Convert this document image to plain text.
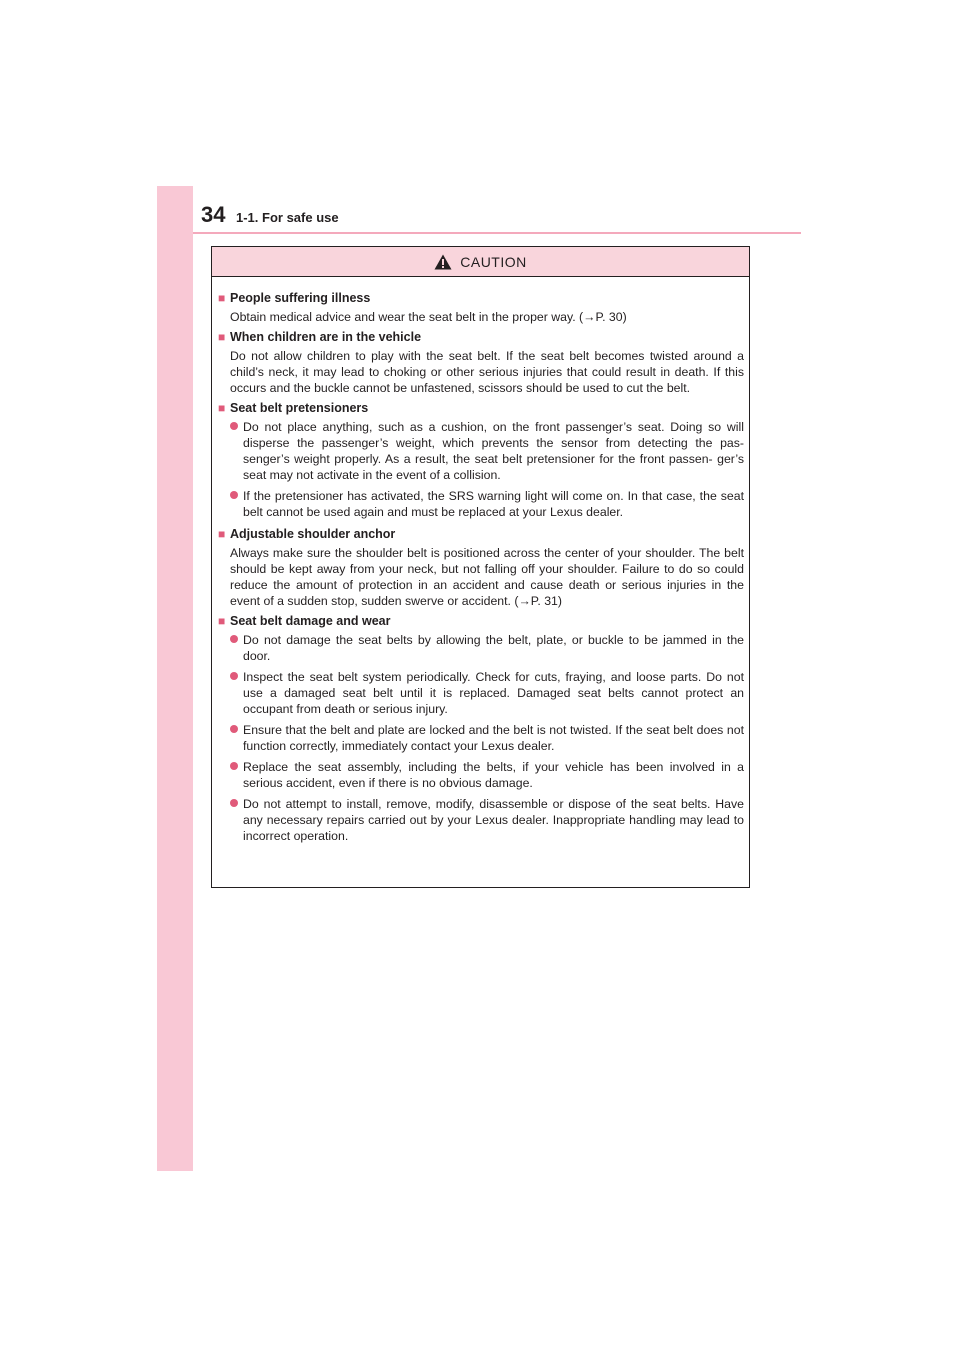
34 1-1. For safe use
CAUTION
■ People suffering illness
Obtain medical advice and wear the seat belt in the proper way. (→P. 30)
■ When children are in the vehicle
Do not allow children to play with the seat belt. If the seat belt becomes twisted around a child’s neck, it may lead to choking or other serious injuries that could result in death. If this occurs and the buckle cannot be unfastened, scissors should be used to cut the belt.
■ Seat belt pretensioners
Do not place anything, such as a cushion, on the front passenger’s seat. Doing so will disperse the passenger’s weight, which prevents the sensor from detecting the pas- senger’s weight properly. As a result, the seat belt pretensioner for the front passen- ger’s seat may not activate in the event of a collision.
If the pretensioner has activated, the SRS warning light will come on. In that case, the seat belt cannot be used again and must be replaced at your Lexus dealer.
■ Adjustable shoulder anchor
Always make sure the shoulder belt is positioned across the center of your shoulder. The belt should be kept away from your neck, but not falling off your shoulder. Failure to do so could reduce the amount of protection in an accident and cause death or serious injuries in the event of a sudden stop, sudden swerve or accident. (→P. 31)
■ Seat belt damage and wear
Do not damage the seat belts by allowing the belt, plate, or buckle to be jammed in the door.
Inspect the seat belt system periodically. Check for cuts, fraying, and loose parts. Do not use a damaged seat belt until it is replaced. Damaged seat belts cannot protect an occupant from death or serious injury.
Ensure that the belt and plate are locked and the belt is not twisted. If the seat belt does not function correctly, immediately contact your Lexus dealer.
Replace the seat assembly, including the belts, if your vehicle has been involved in a serious accident, even if there is no obvious damage.
Do not attempt to install, remove, modify, disassemble or dispose of the seat belts. Have any necessary repairs carried out by your Lexus dealer. Inappropriate handling may lead to incorrect operation.
